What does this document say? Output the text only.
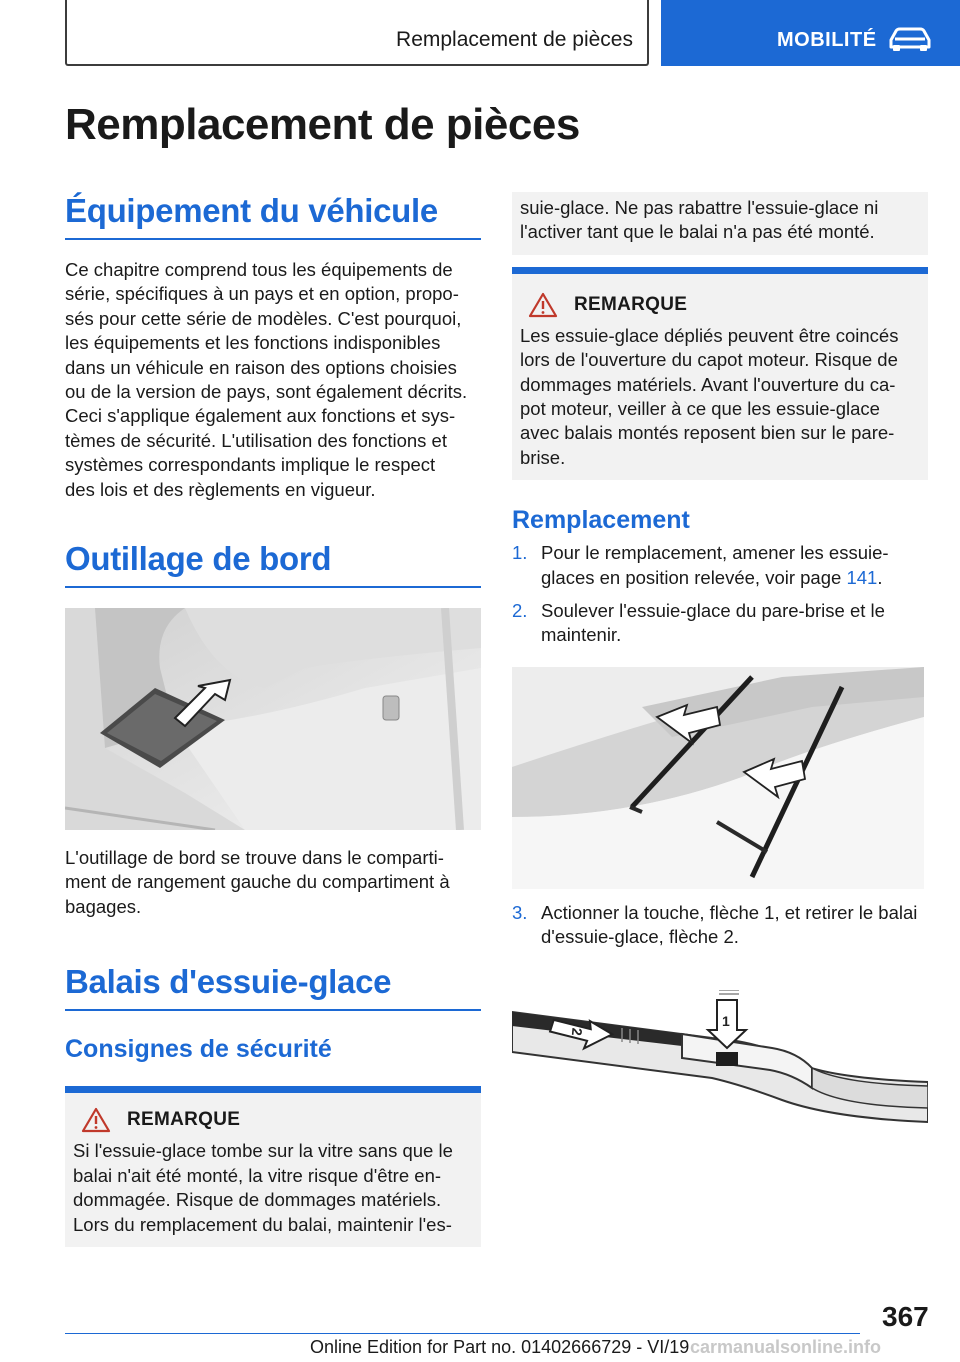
Remplacement de pièces	MOBILITÉ
Remplacement de pièces
Équipement du véhicule
Ce chapitre comprend tous les équipements de
série, spécifiques à un pays et en option, propo-
sés pour cette série de modèles. C'est pourquoi,
les équipements et les fonctions indisponibles
dans un véhicule en raison des options choisies
ou de la version de pays, sont également décrits.
Ceci s'applique également aux fonctions et sys-
tèmes de sécurité. L'utilisation des fonctions et
systèmes correspondants implique le respect
des lois et des règlements en vigueur.
Outillage de bord
L'outillage de bord se trouve dans le comparti-
ment de rangement gauche du compartiment à
bagages.
Balais d'essuie-glace
Consignes de sécurité
REMARQUE
Si l'essuie-glace tombe sur la vitre sans que le
balai n'ait été monté, la vitre risque d'être en-
dommagée. Risque de dommages matériels.
Lors du remplacement du balai, maintenir l'es-
suie-glace. Ne pas rabattre l'essuie-glace ni
l'activer tant que le balai n'a pas été monté.
REMARQUE
Les essuie-glace dépliés peuvent être coincés
lors de l'ouverture du capot moteur. Risque de
dommages matériels. Avant l'ouverture du ca-
pot moteur, veiller à ce que les essuie-glace
avec balais montés reposent bien sur le pare-
brise.
Remplacement
1. Pour le remplacement, amener les essuie-
glaces en position relevée, voir page 141.
2. Soulever l'essuie-glace du pare-brise et le
maintenir.
3. Actionner la touche, flèche 1, et retirer le balai
d'essuie-glace, flèche 2.
1
2
367
Online Edition for Part no. 01402666729 - VI/19 carmanualsonline.info
